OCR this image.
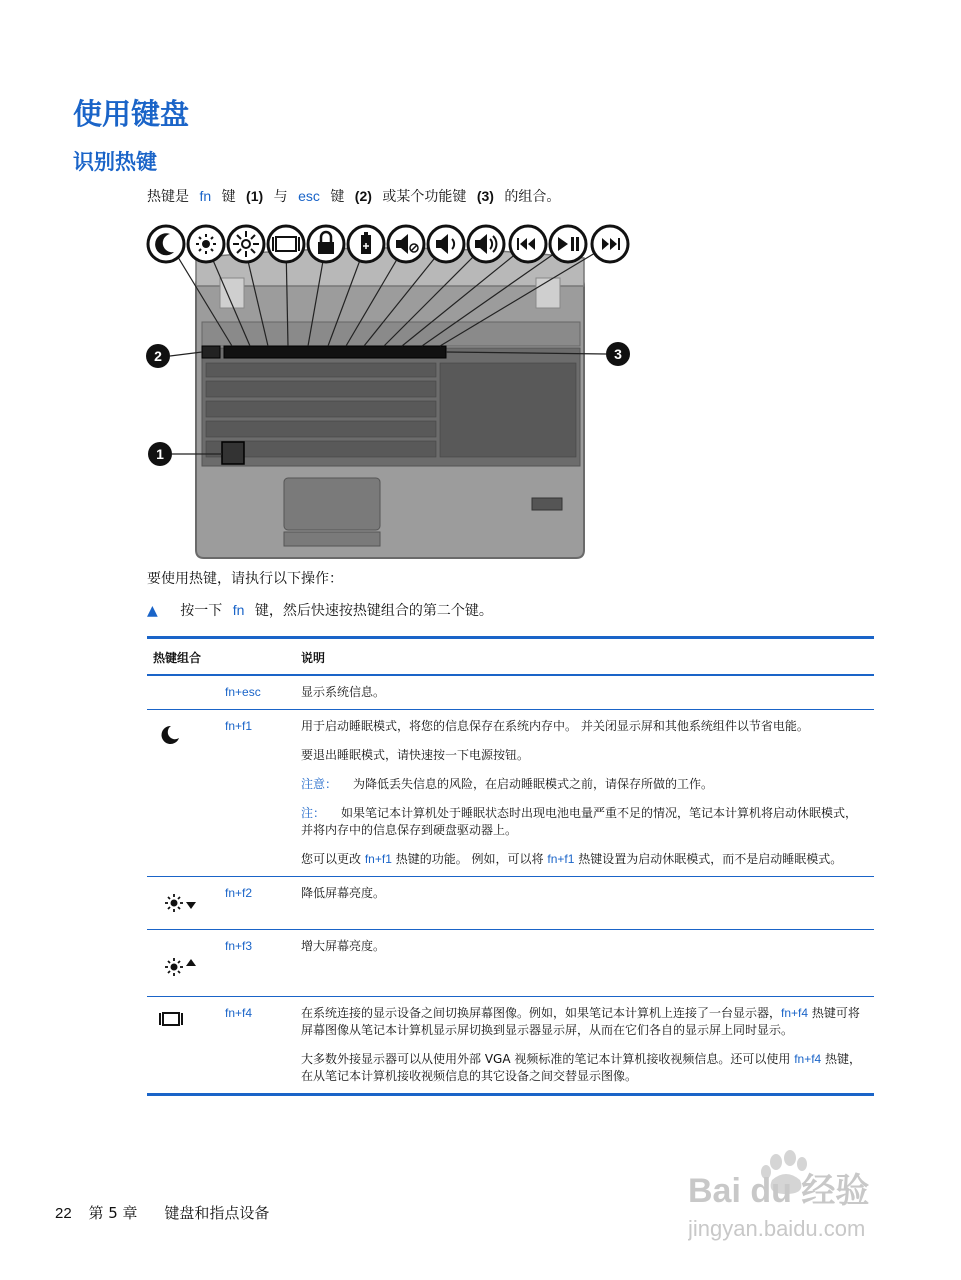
使用键盘
识别热键
热键是 fn 键 (1) 与 esc 键 (2) 或某个功能键 (3) 的组合。
2
1
3
要使用热键，请执行以下操作：
▲ 按一下 fn 键，然后快速按热键组合的第二个键。
热键组合		说明
	fn+esc	显示系统信息。

	fn+f1	用于启动睡眠模式，将您的信息保存在系统内存中。 并关闭显示屏和其他系统组件以节省电能。

要退出睡眠模式，请快速按一下电源按钮。

注意： 为降低丢失信息的风险，在启动睡眠模式之前，请保存所做的工作。

注： 如果笔记本计算机处于睡眠状态时出现电池电量严重不足的情况，笔记本计算机将启动休眠模式，并将内存中的信息保存到硬盘驱动器上。

您可以更改 fn+f1 热键的功能。 例如，可以将 fn+f1 热键设置为启动休眠模式，而不是启动睡眠模式。

	fn+f2	降低屏幕亮度。

	fn+f3	增大屏幕亮度。

	fn+f4	在系统连接的显示设备之间切换屏幕图像。例如，如果笔记本计算机上连接了一台显示器，fn+f4 热键可将屏幕图像从笔记本计算机显示屏切换到显示器显示屏，从而在它们各自的显示屏上同时显示。

大多数外接显示器可以从使用外部 VGA 视频标准的笔记本计算机接收视频信息。还可以使用 fn+f4 热键，在从笔记本计算机接收视频信息的其它设备之间交替显示图像。

22 第 5 章 键盘和指点设备
Bai du 经验
jingyan.baidu.com
